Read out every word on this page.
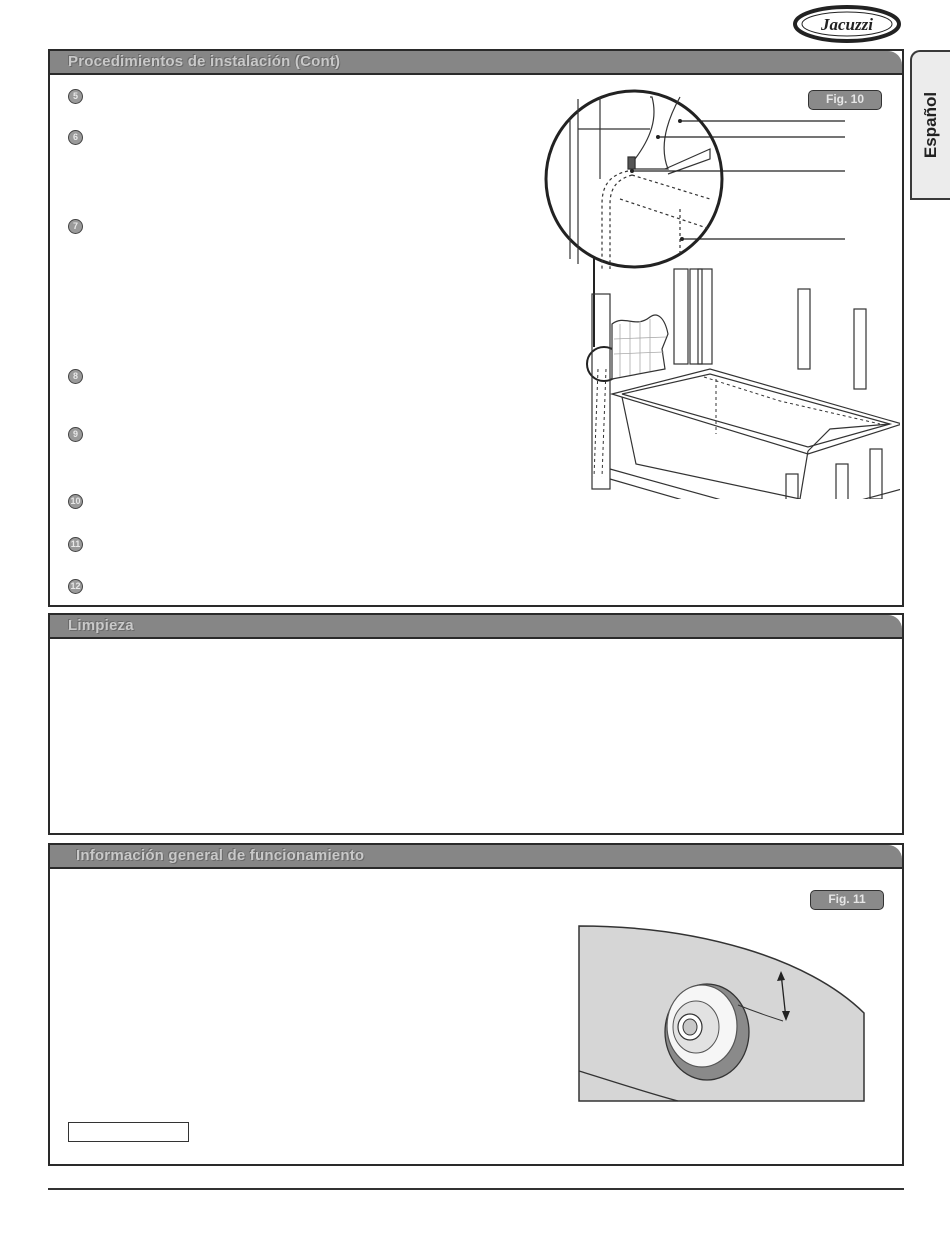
Jacuzzi
Español
Procedimientos de instalación (Cont)
5
6
7
8
9
10
11
12
Fig. 10
Limpieza
Información general de funcionamiento
Fig. 11
